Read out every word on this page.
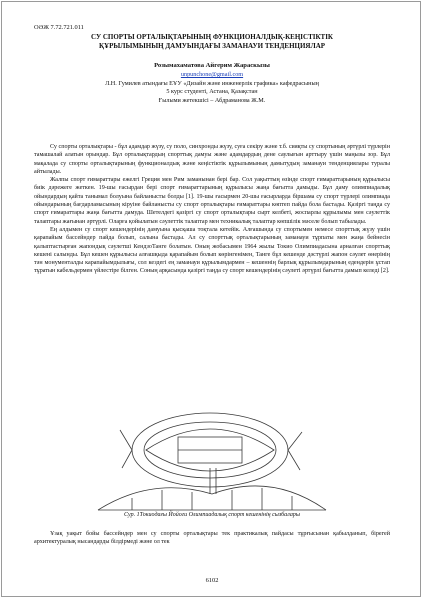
ОӘЖ 7.72.721.011
СУ СПОРТЫ ОРТАЛЫҚТАРЫНЫҢ ФУНКЦИОНАЛДЫҚ-КЕҢІСТІКТІК
ҚҰРЫЛЫМЫНЫҢ ДАМУЫНДАҒЫ ЗАМАНАУИ ТЕНДЕНЦИЯЛАР
Розымахаматова Айгерим Жараскызы
unpunchone@gmail.com
Л.Н. Гумилев атындағы ЕҰУ «Дизайн және инженерлік графика» кафедрасының
5 курс студенті, Астана, Қазақстан
Ғылыми жетекшісі – Абдраманова Ж.М.

Су спорты орталықтары - бұл адамдар жүзу, су поло, синхронды жүзу, суға секіру және т.б. сияқты су спортының әртүрлі түрлерін тамашалай алатын орындар. Бұл орталықтардың спорттық дамуы және адамдардың дене саулығын арттыру үшін маңызы зор. Бұл мақалада су спорты орталықтарының функционалдық және кеңістіктік құрылымының дамытудың заманауи тенденциялары туралы айтылады.

Жалпы спорт ғимараттары ежелгі Греция мен Рим заманынан бері бар. Сол уақыттың өзінде спорт ғимараттарының құрылысы биік дәрежеге жеткен. 19-шы ғасырдан бері спорт ғимараттарының құрылысы жаңа бағытта дамыды. Бұл даму олимпиадалық ойындардың қайта танымал болуына байланысты болды [1]. 19-шы ғасырмен 20-шы ғасырларда біршама су спорт түрлері олимпиада ойындарының бағдарламасының кіруіне байланысты су спорт орталықтары ғимараттары көптеп пайда бола бастады. Қазіргі таңда су спорт ғимараттары жаңа бағытта дамуда. Шетелдегі қазіргі су спорт орталықтары сырт келбеті, жоспарлы құрылымы мен сәулеттік талаптары жағынан әртүрлі. Оларға қойылатын сәулеттік талаптар мен техникалық талаптар көпшілік мәселе болып табылады.

Ең алдымен су спорт кешендерінің дамуына қысқаша тоқтала кетейік. Алғашында су спортымен немесе спорттық жүзу үшін қарапайым бассейндер пайда болып, салына бастады. Ал су спорттық орталықтарының заманауи тұрпаты мен жаңа бейнесін қалыптастырған жапондық сәулетші КендзоТанге болатын. Оның жобасымен 1964 жылы Токио Олимпиадасына арналған спорттық кешені салынды. Бұл кешен құрылысы алғашқыда қарапайым болып көрінгенімен, Танге бұл кешенде дәстүрлі жапон сәулет өнерінің тән монументалды карапайымдылығы, сол кездегі ең заманауи құрылымдармен – кешеннің барлық құрылымдарының едендерін ұстап тұратын кабельдермен үйлестіре білген. Соның арқасында қазіргі таңда су спорт кешендерінің сәулеті әртүрлі бағытта дамып келеді [2].

Сур. 1Токиодағы Йойоги Олимпиадалық спорт кешенінің сызбалары

Ұзақ уақыт бойы бассейндер мен су спорты орталықтары тек практикалық пайдасы тұрғысынан қабылданып, бірегей архитектуралық нысандарды бiлдiрмедi және ол тек

6102
